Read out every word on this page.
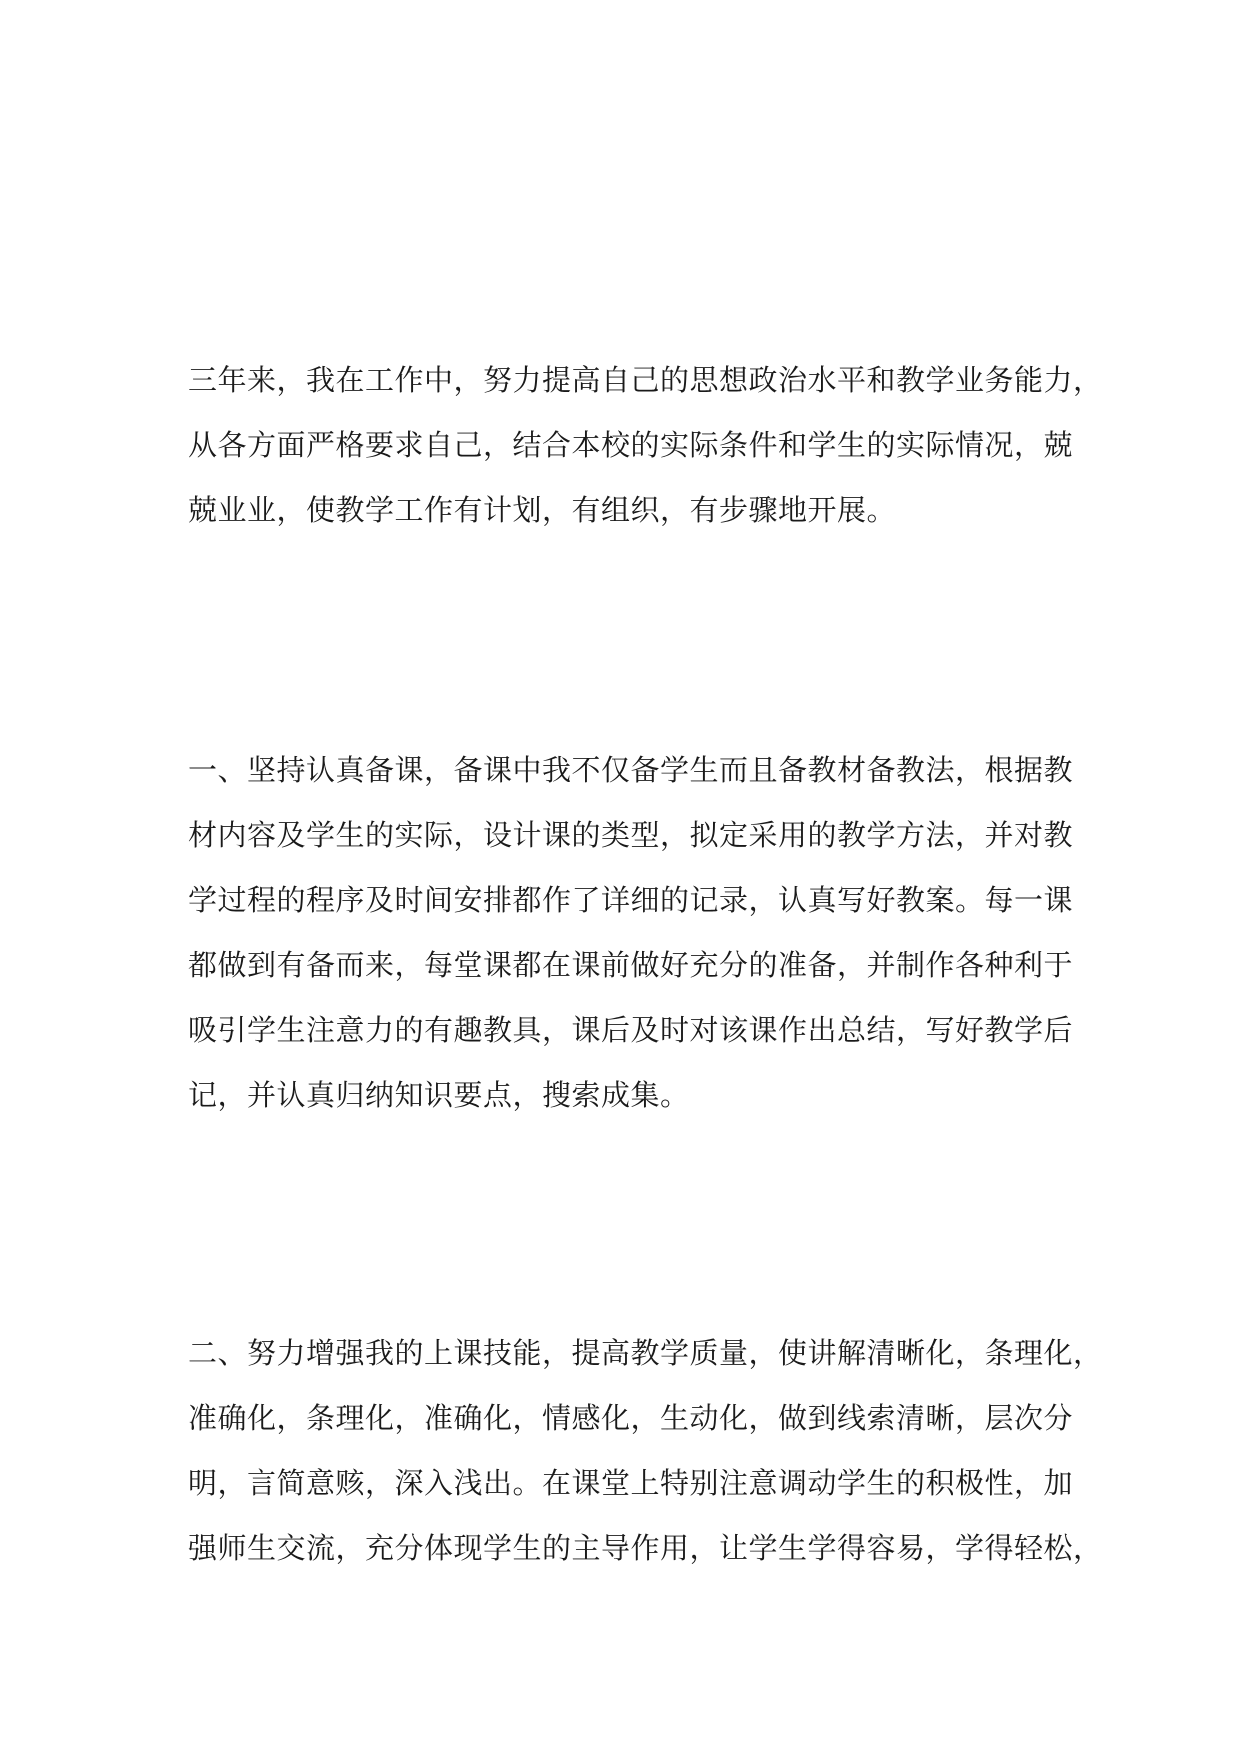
三年来，我在工作中，努力提高自己的思想政治水平和教学业务能力，
从各方面严格要求自己，结合本校的实际条件和学生的实际情况，兢
兢业业，使教学工作有计划，有组织，有步骤地开展。
一、坚持认真备课，备课中我不仅备学生而且备教材备教法，根据教
材内容及学生的实际，设计课的类型，拟定采用的教学方法，并对教
学过程的程序及时间安排都作了详细的记录，认真写好教案。每一课
都做到有备而来，每堂课都在课前做好充分的准备，并制作各种利于
吸引学生注意力的有趣教具，课后及时对该课作出总结，写好教学后
记，并认真归纳知识要点，搜索成集。
二、努力增强我的上课技能，提高教学质量，使讲解清晰化，条理化，
准确化，条理化，准确化，情感化，生动化，做到线索清晰，层次分
明，言简意赅，深入浅出。在课堂上特别注意调动学生的积极性，加
强师生交流，充分体现学生的主导作用，让学生学得容易，学得轻松，
